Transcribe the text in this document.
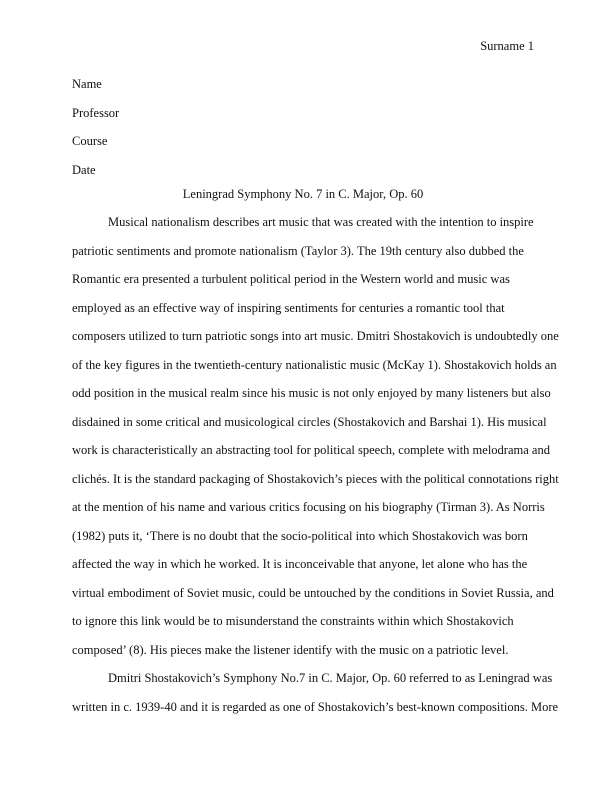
Surname 1
Name
Professor
Course
Date
Leningrad Symphony No. 7 in C. Major, Op. 60
Musical nationalism describes art music that was created with the intention to inspire
patriotic sentiments and promote nationalism (Taylor 3). The 19th century also dubbed the
Romantic era presented a turbulent political period in the Western world and music was
employed as an effective way of inspiring sentiments for centuries a romantic tool that
composers utilized to turn patriotic songs into art music. Dmitri Shostakovich is undoubtedly one
of the key figures in the twentieth-century nationalistic music (McKay 1). Shostakovich holds an
odd position in the musical realm since his music is not only enjoyed by many listeners but also
disdained in some critical and musicological circles (Shostakovich and Barshai 1). His musical
work is characteristically an abstracting tool for political speech, complete with melodrama and
clichés. It is the standard packaging of Shostakovich’s pieces with the political connotations right
at the mention of his name and various critics focusing on his biography (Tirman 3). As Norris
(1982) puts it, ‘There is no doubt that the socio-political into which Shostakovich was born
affected the way in which he worked. It is inconceivable that anyone, let alone who has the
virtual embodiment of Soviet music, could be untouched by the conditions in Soviet Russia, and
to ignore this link would be to misunderstand the constraints within which Shostakovich
composed’ (8). His pieces make the listener identify with the music on a patriotic level.
Dmitri Shostakovich’s Symphony No.7 in C. Major, Op. 60 referred to as Leningrad was
written in c. 1939-40 and it is regarded as one of Shostakovich’s best-known compositions. More
